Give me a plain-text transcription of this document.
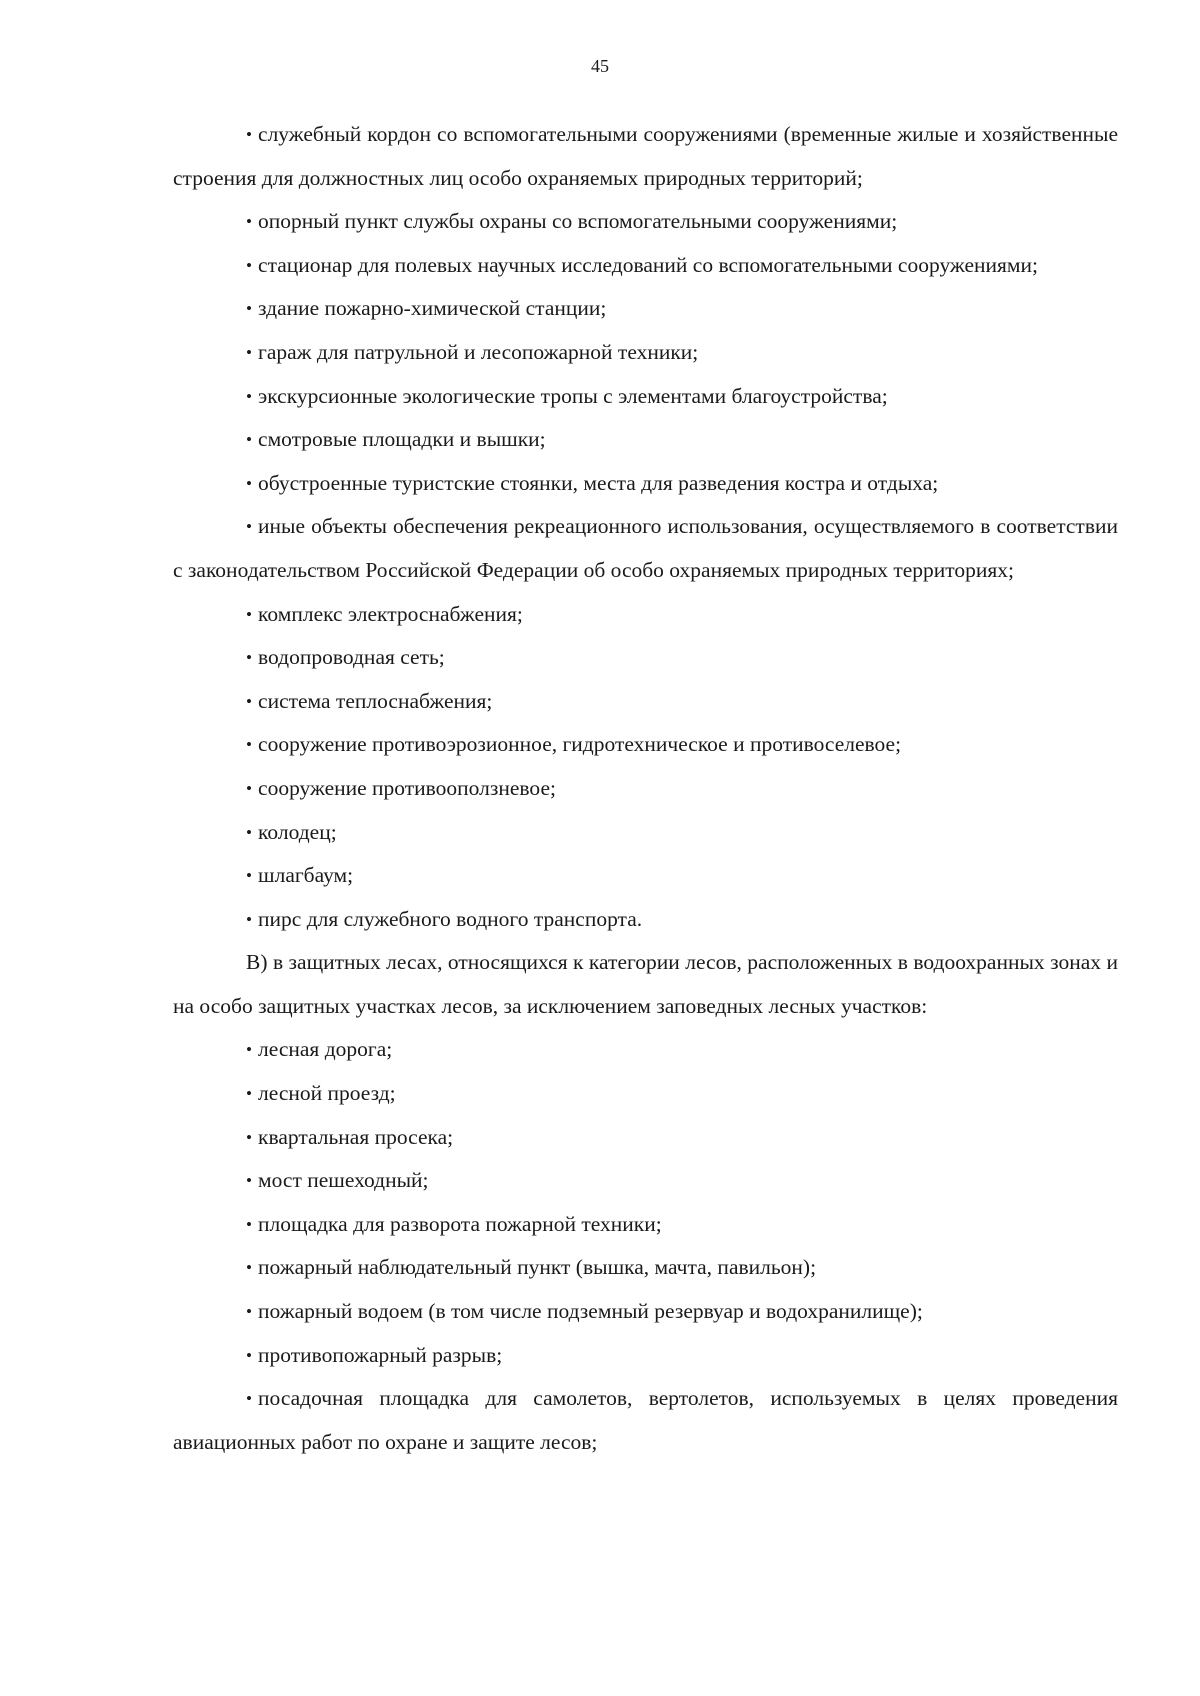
45

• служебный кордон со вспомогательными сооружениями (временные жилые и хозяйственные строения для должностных лиц особо охраняемых природных территорий;

• опорный пункт службы охраны со вспомогательными сооружениями;

• стационар для полевых научных исследований со вспомогательными сооружениями;

• здание пожарно-химической станции;

• гараж для патрульной и лесопожарной техники;

• экскурсионные экологические тропы с элементами благоустройства;

• смотровые площадки и вышки;

• обустроенные туристские стоянки, места для разведения костра и отдыха;

• иные объекты обеспечения рекреационного использования, осуществляемого в соответствии с законодательством Российской Федерации об особо охраняемых природных территориях;

• комплекс электроснабжения;

• водопроводная сеть;

• система теплоснабжения;

• сооружение противоэрозионное, гидротехническое и противоселевое;

• сооружение противооползневое;

• колодец;

• шлагбаум;

• пирс для служебного водного транспорта.

В) в защитных лесах, относящихся к категории лесов, расположенных в водоохранных зонах и на особо защитных участках лесов, за исключением заповедных лесных участков:

• лесная дорога;

• лесной проезд;

• квартальная просека;

• мост пешеходный;

• площадка для разворота пожарной техники;

• пожарный наблюдательный пункт (вышка, мачта, павильон);

• пожарный водоем (в том числе подземный резервуар и водохранилище);

• противопожарный разрыв;

• посадочная площадка для самолетов, вертолетов, используемых в целях проведения авиационных работ по охране и защите лесов;
